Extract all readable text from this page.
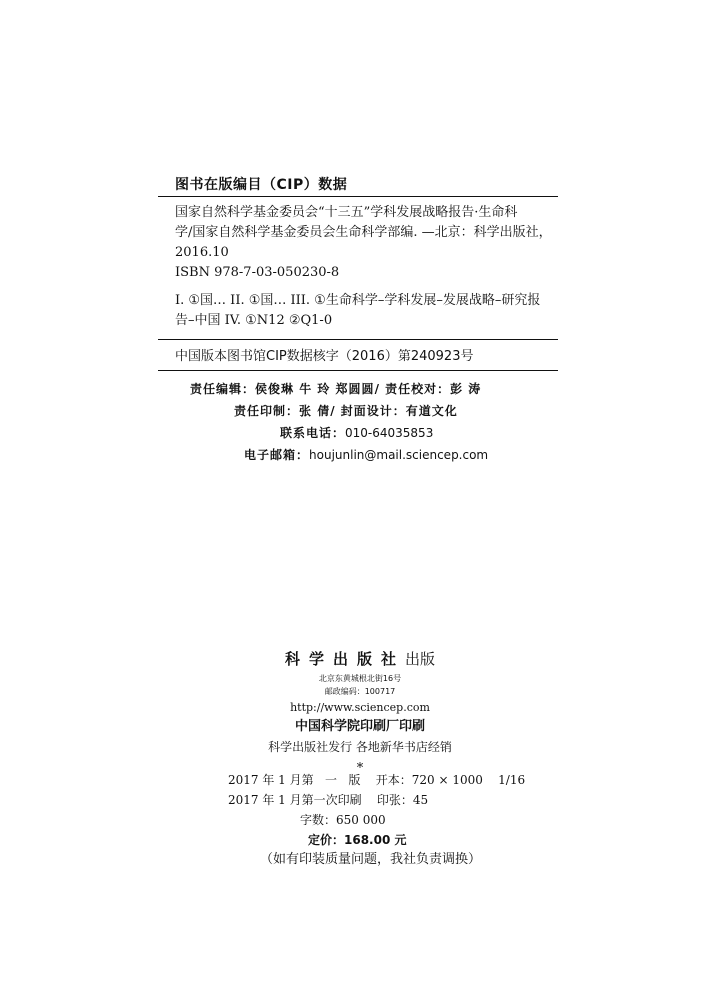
图书在版编目（CIP）数据

国家自然科学基金委员会“十三五”学科发展战略报告·生命科

学/国家自然科学基金委员会生命科学部编. —北京：科学出版社，

2016.10

ISBN 978-7-03-050230-8

I. ①国… II. ①国… III. ①生命科学–学科发展–发展战略–研究报

告–中国 IV. ①N12 ②Q1-0

中国版本图书馆CIP数据核字（2016）第240923号
责任编辑：侯俊琳 牛 玲 郑圆圆/ 责任校对：彭 涛
责任印制：张 倩/ 封面设计：有道文化
联系电话：010-64035853
电子邮箱：houjunlin@mail.sciencep.com
科学出版社出版
北京东黄城根北街16号
邮政编码：100717
http://www.sciencep.com
中国科学院印刷厂印刷
科学出版社发行 各地新华书店经销
*
2017 年 1 月第   一   版    开本：720 × 1000    1/16
2017 年 1 月第一次印刷    印张：45
字数：650 000
定价：168.00 元
（如有印装质量问题，我社负责调换）
